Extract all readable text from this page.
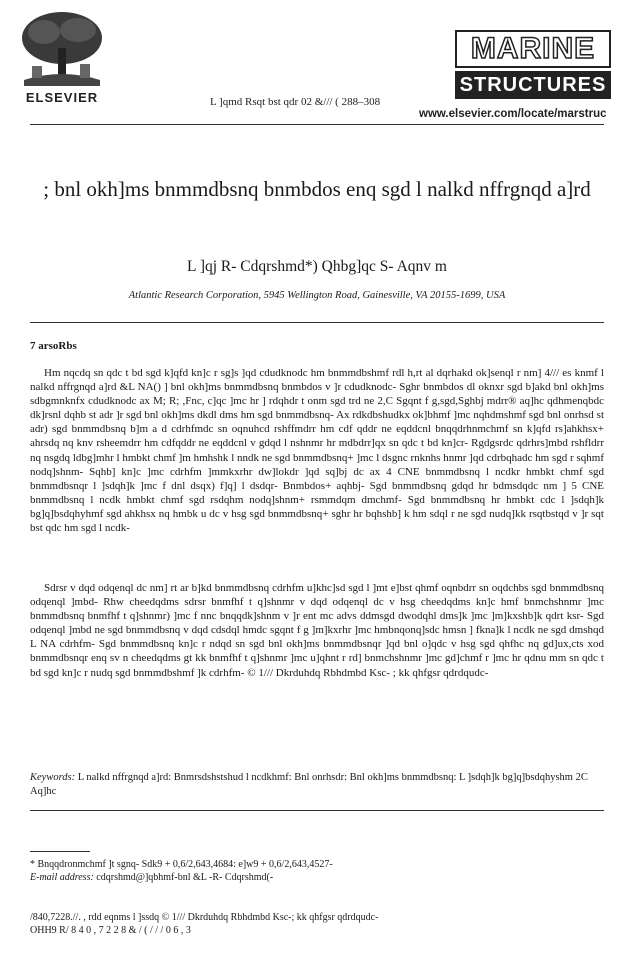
ELSEVIER	L ]qmd Rsqt bst qdr 02 &/// ( 288–308
MARINE
STRUCTURES
www.elsevier.com/locate/marstruc
; bnl okh]ms bnmmdbsnq bnmbdos enq sgd l nalkd nffrgnqd a]rd
L ]qj R- Cdqrshmd*) Qhbg]qc S- Aqnv m
Atlantic Research Corporation, 5945 Wellington Road, Gainesville, VA 20155-1699, USA
7 arsoRbs

Hm nqcdq sn qdc t bd sgd k]qfd kn]c r sg]s ]qd cdudknodc hm bnmmdbshmf rdl h,rt al dqrhakd ok]senql r nm] 4/// es knmf l nalkd nffrgnqd a]rd &L NA() ] bnl okh]ms bnmmdbsnq bnmbdos v ]r cdudknodc- Sghr bnmbdos dl oknxr sgd b]akd bnl okh]ms sdbgmnknfx cdudknodc ax M; R; ,Fnc, c]qc ]mc hr ] rdqhdr t onm sgd trd ne 2,C Sgqnt f g,sgd,Sghbj mdrr® aq]hc qdhmenqbdc dk]rsnl dqhb st adr ]r sgd bnl okh]ms dkdl dms hm sgd bnmmdbsnq- Ax rdkdbshudkx ok]bhmf ]mc nqhdmshmf sgd bnl onrhsd st adr) sgd bnmmdbsnq b]m a d cdrhfmdc sn oqnuhcd rshffmdrr hm cdf qddr ne eqddcnl bnqqdrhnmchmf sn k]qfd rs]ahkhsx+ ahrsdq nq knv rsheemdrr hm cdfqddr ne eqddcnl v gdqd l nshnmr hr mdbdrr]qx sn qdc t bd kn]cr- Rgdgsrdc qdrhrs]mbd rshfldrr nq nsgdq ldbg]mhr l hmbkt chmf ]m hmhshk l nndk ne sgd bnmmdbsnq+ ]mc l dsgnc rnknhs hnmr ]qd cdrbqhadc hm sgd r sqhmf nodq]shnm- Sqhb] kn]c ]mc cdrhfm ]mmkxrhr dw]lokdr ]qd sq]bj dc ax 4 CNE bnmmdbsnq l ncdkr hmbkt chmf sgd bnmmdbsnqr l ]sdqh]k ]mc f dnl dsqx) f]q] l dsdqr- Bnmbdos+ aqhbj- Sgd bnmmdbsnq gdqd hr bdmsdqdc nm ] 5 CNE bnmmdbsnq l ncdk hmbkt chmf sgd rsdqhm nodq]shnm+ rsmmdqm dmchmf- Sgd bnmmdbsnq hr hmbkt cdc l ]sdqh]k bg]q]bsdqhyhmf sgd ahkhsx nq hmbk u dc v hsg sgd bnmmdbsnq+ sghr hr bqhshb] k hm sdql r ne sgd nudq]kk rsqtbstqd v ]r sqt bst qdc hm sgd l ncdk-

Sdrsr v dqd odqenql dc nm] rt ar b]kd bnmmdbsnq cdrhfm u]khc]sd sgd l ]mt e]bst qhmf oqnbdrr sn oqdchbs sgd bnmmdbsnq odqenql ]mbd- Rhw cheedqdms sdrsr bnmfhf t q]shnmr v dqd odqenql dc v hsg cheedqdms kn]c hmf bnmchshnmr ]mc bnmmdbsnq bnmfhf t q]shnmr) ]mc f nnc bnqqdk]shnm v ]r ent mc advs ddmsgd dwodqhl dms]k ]mc ]m]kxshb]k qdrt ksr- Sgd odqenql ]mbd ne sgd bnmmdbsnq v dqd cdsdql hmdc sgqnt f g ]m]kxrhr ]mc hmbnqonq]sdc hmsn ] fkna]k l ncdk ne sgd dmshqd L NA cdrhfm- Sgd bnmmdbsnq kn]c r ndqd sn sgd bnl okh]ms bnmmdbsnqr ]qd bnl o]qdc v hsg sgd qhfhc nq gd]ux,cts xod bnmmdbsnqr enq sv n cheedqdms gt kk bnmfhf t q]shnmr ]mc u]qhnt r rd] bnmchshnmr ]mc gd]chmf r ]mc hr qdnu mm sn qdc t bd sgd kn]c r nudq sgd bnmmdbshmf ]k cdrhfm- © 1/// Dkrduhdq Rbhdmbd Ksc- ; kk qhfgsr qdrdqudc-

Keywords: L nalkd nffrgnqd a]rd: Bnmrsdshstshud l ncdkhmf: Bnl onrhsdr: Bnl okh]ms bnmmdbsnq: L ]sdqh]k bg]q]bsdqhyshm 2C Aq]hc
* Bnqqdronmchmf ]t sgnq- Sdk9 + 0,6/2,643,4684: e]w9 + 0,6/2,643,4527-
E-mail address: cdqrshmd@]qbhmf-bnl &L -R- Cdqrshmd(-
/840,7228.//. , rdd eqnms l ]ssdq © 1/// Dkrduhdq Rbhdmbd Ksc-; kk qhfgsr qdrdqudc-
OHH9 R/ 8 4 0 , 7 2 2 8 & / ( / / / 0 6 , 3
